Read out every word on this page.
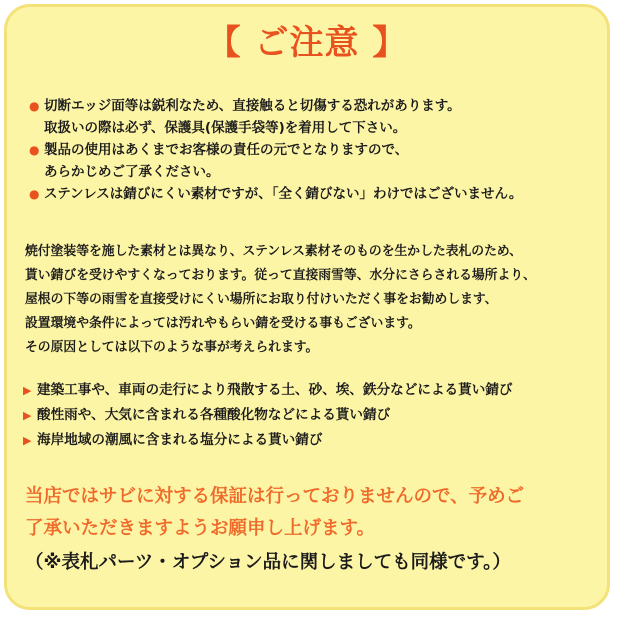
【 ご注意 】
● 切断エッジ面等は鋭利なため、直接触ると切傷する恐れがあります。
取扱いの際は必ず、保護具(保護手袋等)を着用して下さい。
● 製品の使用はあくまでお客様の責任の元でとなりますので、
あらかじめご了承ください。
● ステンレスは錆びにくい素材ですが、「全く錆びない」わけではございません。
焼付塗装等を施した素材とは異なり、ステンレス素材そのものを生かした表札のため、
貰い錆びを受けやすくなっております。従って直接雨雪等、水分にさらされる場所より、
屋根の下等の雨雪を直接受けにくい場所にお取り付けいただく事をお勧めします、
設置環境や条件によっては汚れやもらい錆を受ける事もございます。
その原因としては以下のような事が考えられます。
▶ 建築工事や、車両の走行により飛散する土、砂、埃、鉄分などによる貰い錆び
▶ 酸性雨や、大気に含まれる各種酸化物などによる貰い錆び
▶ 海岸地域の潮風に含まれる塩分による貰い錆び
当店ではサビに対する保証は行っておりませんので、予めご
了承いただきますようお願申し上げます。
（※表札パーツ・オプション品に関しましても同様です。）
